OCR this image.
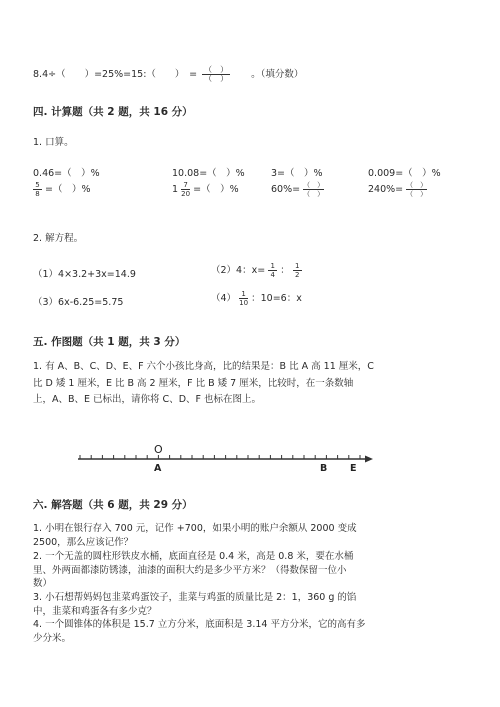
8.4÷（　　）=25%=15:（　　）　= $\frac{( )}{( )}$ 。（填分数）
四. 计算题（共 2 题，共 16 分）
1. 口算。
0.46=（　）%	10.08=（　）%	3=（　）%	0.009=（　）%
$\frac{5}{8}$ =（　）%	$1 \frac{7}{20}$ =（　）%	$60\%= \frac{( )}{( )}$	$240\%= \frac{( )}{( )}$
2. 解方程。
（1）4×3.2+3x=14.9	（2）4：$x= \frac{1}{4}$ ： $\frac{1}{2}$
（3）6x-6.25=5.75	$(4) \frac{1}{10}$ ：10=6：x
五. 作图题（共 1 题，共 3 分）
1. 有 A、B、C、D、E、F 六个小孩比身高，比的结果是：B 比 A 高 11 厘米，C
比 D 矮 1 厘米，E 比 B 高 2 厘米，F 比 B 矮 7 厘米，比较时，在一条数轴
上，A、B、E 已标出，请你将 C、D、F 也标在图上。
O
A	B E
六. 解答题（共 6 题，共 29 分）
1. 小明在银行存入 700 元，记作 +700，如果小明的账户余额从 2000 变成
2500，那么应该记作？
2. 一个无盖的圆柱形铁皮水桶，底面直径是 0.4 米，高是 0.8 米，要在水桶
里、外两面都漆防锈漆，油漆的面积大约是多少平方米？（得数保留一位小
数）
3. 小石想帮妈妈包韭菜鸡蛋饺子，韭菜与鸡蛋的质量比是 2：1，360 g 的馅
中，韭菜和鸡蛋各有多少克？
4. 一个圆锥体的体积是 15.7 立方分米，底面积是 3.14 平方分米，它的高有多
少分米。
